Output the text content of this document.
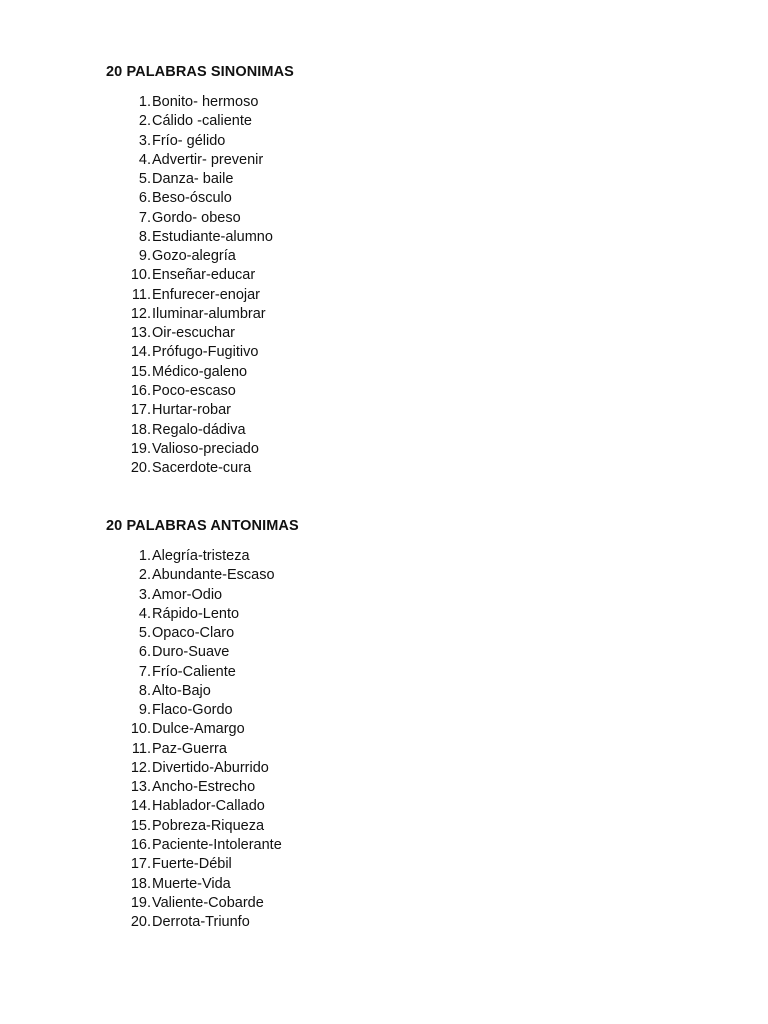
20 PALABRAS SINONIMAS
1. Bonito- hermoso
2. Cálido -caliente
3. Frío- gélido
4. Advertir- prevenir
5. Danza- baile
6. Beso-ósculo
7. Gordo- obeso
8. Estudiante-alumno
9. Gozo-alegría
10. Enseñar-educar
11. Enfurecer-enojar
12. Iluminar-alumbrar
13. Oir-escuchar
14. Prófugo-Fugitivo
15. Médico-galeno
16. Poco-escaso
17. Hurtar-robar
18. Regalo-dádiva
19. Valioso-preciado
20. Sacerdote-cura
20 PALABRAS ANTONIMAS
1. Alegría-tristeza
2. Abundante-Escaso
3. Amor-Odio
4. Rápido-Lento
5. Opaco-Claro
6. Duro-Suave
7. Frío-Caliente
8. Alto-Bajo
9. Flaco-Gordo
10. Dulce-Amargo
11. Paz-Guerra
12. Divertido-Aburrido
13. Ancho-Estrecho
14. Hablador-Callado
15. Pobreza-Riqueza
16. Paciente-Intolerante
17. Fuerte-Débil
18. Muerte-Vida
19. Valiente-Cobarde
20. Derrota-Triunfo
